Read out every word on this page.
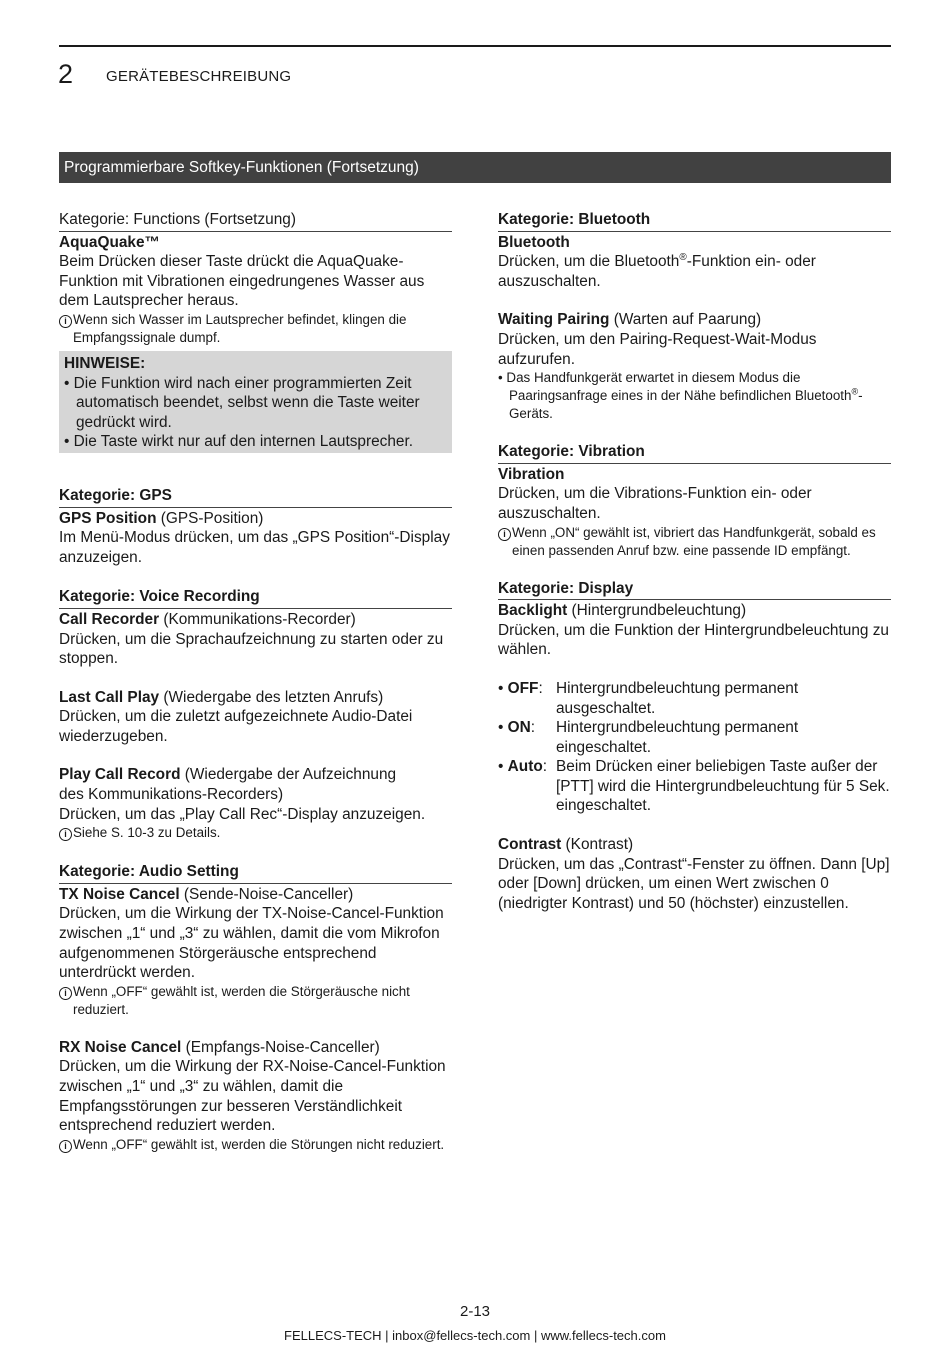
2 GERÄTEBESCHREIBUNG
Programmierbare Softkey-Funktionen (Fortsetzung)
Kategorie: Functions (Fortsetzung)
AquaQuake™

Beim Drücken dieser Taste drückt die AquaQuake-Funktion mit Vibrationen eingedrungenes Wasser aus dem Lautsprecher heraus.

i Wenn sich Wasser im Lautsprecher befindet, klingen die Empfangssignale dumpf.

HINWEISE:
• Die Funktion wird nach einer programmierten Zeit automatisch beendet, selbst wenn die Taste weiter gedrückt wird.
• Die Taste wirkt nur auf den internen Lautsprecher.
Kategorie: GPS

GPS Position (GPS-Position)

Im Menü-Modus drücken, um das „GPS Position“-Display anzuzeigen.

Kategorie: Voice Recording

Call Recorder (Kommunikations-Recorder)

Drücken, um die Sprachaufzeichnung zu starten oder zu stoppen.

Last Call Play (Wiedergabe des letzten Anrufs)

Drücken, um die zuletzt aufgezeichnete Audio-Datei wiederzugeben.

Play Call Record (Wiedergabe der Aufzeichnung des Kommunikations-Recorders)

Drücken, um das „Play Call Rec“-Display anzuzeigen.

i Siehe S. 10-3 zu Details.

Kategorie: Audio Setting

TX Noise Cancel (Sende-Noise-Canceller)

Drücken, um die Wirkung der TX-Noise-Cancel-Funktion zwischen „1“ und „3“ zu wählen, damit die vom Mikrofon aufgenommenen Störgeräusche entsprechend unterdrückt werden.

i Wenn „OFF“ gewählt ist, werden die Störgeräusche nicht reduziert.

RX Noise Cancel (Empfangs-Noise-Canceller)

Drücken, um die Wirkung der RX-Noise-Cancel-Funktion zwischen „1“ und „3“ zu wählen, damit die Empfangsstörungen zur besseren Verständlichkeit entsprechend reduziert werden.

i Wenn „OFF“ gewählt ist, werden die Störungen nicht reduziert.

Kategorie: Bluetooth
Bluetooth

Drücken, um die Bluetooth®-Funktion ein- oder auszuschalten.

Waiting Pairing (Warten auf Paarung)

Drücken, um den Pairing-Request-Wait-Modus aufzurufen.

• Das Handfunkgerät erwartet in diesem Modus die Paaringsanfrage eines in der Nähe befindlichen Bluetooth®-Geräts.

Kategorie: Vibration
Vibration

Drücken, um die Vibrations-Funktion ein- oder auszuschalten.

i Wenn „ON“ gewählt ist, vibriert das Handfunkgerät, sobald es einen passenden Anruf bzw. eine passende ID empfängt.

Kategorie: Display

Backlight (Hintergrundbeleuchtung)

Drücken, um die Funktion der Hintergrundbeleuchtung zu wählen.

• OFF: Hintergrundbeleuchtung permanent ausgeschaltet.
• ON:	Hintergrundbeleuchtung permanent eingeschaltet.
• Auto: Beim Drücken einer beliebigen Taste außer der [PTT] wird die Hintergrundbeleuchtung für 5 Sek. eingeschaltet.

Contrast (Kontrast)

Drücken, um das „Contrast“-Fenster zu öffnen. Dann [Up] oder [Down] drücken, um einen Wert zwischen 0 (niedrigter Kontrast) und 50 (höchster) einzustellen.

2-13
FELLECS-TECH | inbox@fellecs-tech.com | www.fellecs-tech.com
